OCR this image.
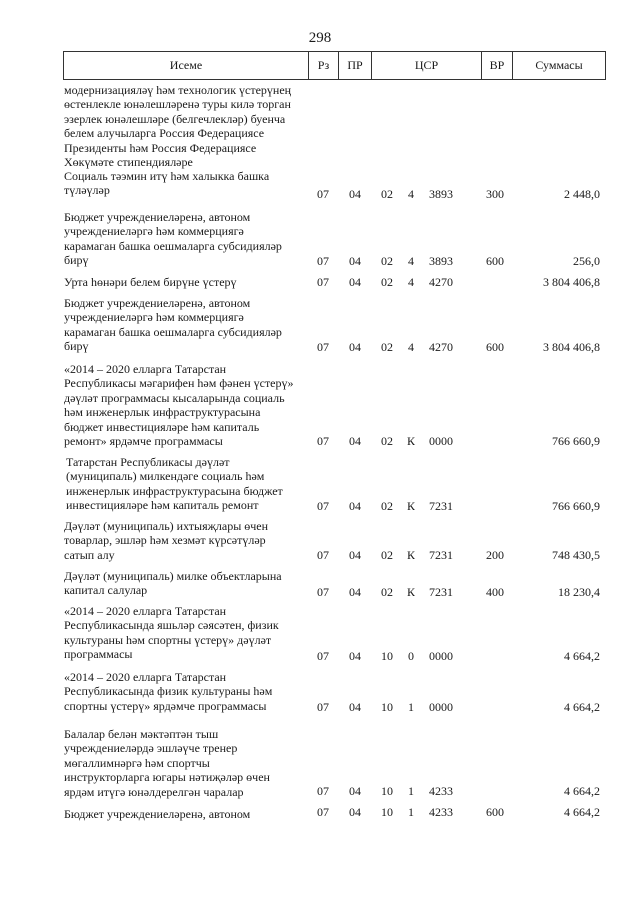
298
Исеме	Рз	ПР	ЦСР	ВР	Суммасы
модернизацияләү һәм технологик үстерүнең
өстенлекле юнәлешләренә туры килә торган
эзерлек юнәлешләре (белгечлекләр) буенча
белем алучыларга Россия Федерациясе
Президенты һәм Россия Федерациясе
Хөкүмәте стипендияләре
Социаль тәэмин итү һәм халыкка башка
түләүләр	07	04	02	4	3893	300	2 448,0
Бюджет учреждениеләренә, автоном
учреждениеләргә һәм коммерциягә
карамаган башка оешмаларга субсидияләр
бирү	07	04	02	4	3893	600	256,0
Урта һөнәри белем бирүне үстерү	07	04	02	4	4270	3 804 406,8
Бюджет учреждениеләренә, автоном
учреждениеләргә һәм коммерциягә
карамаган башка оешмаларга субсидияләр
бирү	07	04	02	4	4270	600	3 804 406,8
«2014 – 2020 елларга Татарстан
Республикасы мәгарифен һәм фәнен үстерү»
дәүләт программасы кысаларында социаль
һәм инженерлык инфраструктурасына
бюджет инвестицияләре һәм капиталь
ремонт» ярдәмче программасы	07	04	02 К 0000	766 660,9
Татарстан Республикасы дәүләт
(муниципаль) милкендәге социаль һәм
инженерлык инфраструктурасына бюджет
инвестицияләре һәм капиталь ремонт	07	04	02 К 7231	766 660,9
Дәүләт (муниципаль) ихтыяҗлары өчен
товарлар, эшләр һәм хезмәт күрсәтүләр
сатып алу	07	04	02 К 7231	200	748 430,5
Дәүләт (муниципаль) милке объектларына
капитал салулар	07	04	02 К 7231	400	18 230,4
«2014 – 2020 елларга Татарстан
Республикасында яшьләр сәясәтен, физик
культураны һәм спортны үстерү» дәүләт
программасы	07	04	10	0	0000	4 664,2
«2014 – 2020 елларга Татарстан
Республикасында физик культураны һәм
спортны үстерү» ярдәмче программасы	07	04	10	1	0000	4 664,2
Балалар белән мәктәптән тыш
учреждениеләрдә эшләүче тренер
мөгаллимнәргә һәм спортчы
инструкторларга югары нәтиҗәләр өчен
ярдәм итүгә юнәлдерелгән чаралар	07	04	10	1	4233	4 664,2
Бюджет учреждениеләренә, автоном	07	04	10	1	4233	600	4 664,2
